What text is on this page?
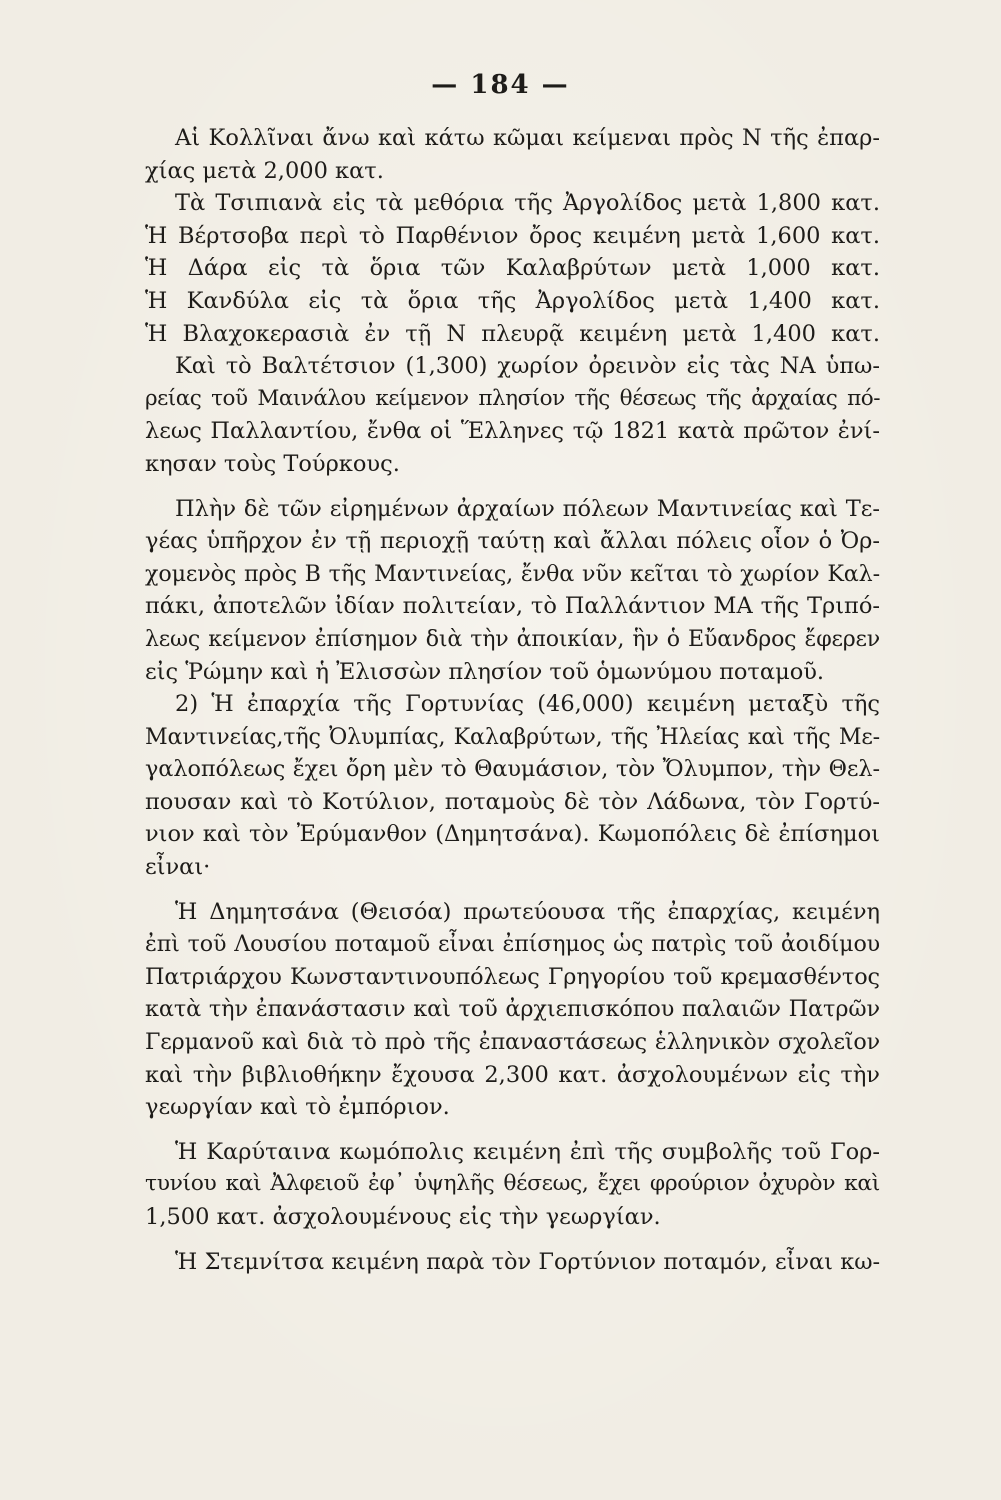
— 184 —
Αἱ Κολλῖναι ἄνω καὶ κάτω κῶμαι κείμεναι πρὸς Ν τῆς ἐπαρ-
χίας μετὰ 2,000 κατ.
Τὰ Τσιπιανὰ εἰς τὰ μεθόρια τῆς Ἀργολίδος μετὰ 1,800 κατ.
Ἡ Βέρτσοβα περὶ τὸ Παρθένιον ὄρος κειμένη μετὰ 1,600 κατ.
Ἡ Δάρα εἰς τὰ ὅρια τῶν Καλαβρύτων μετὰ 1,000 κατ.
Ἡ Κανδύλα εἰς τὰ ὅρια τῆς Ἀργολίδος μετὰ 1,400 κατ.
Ἡ Βλαχοκερασιὰ ἐν τῇ Ν πλευρᾷ κειμένη μετὰ 1,400 κατ.
Καὶ τὸ Βαλτέτσιον (1,300) χωρίον ὀρεινὸν εἰς τὰς ΝΑ ὑπω-
ρείας τοῦ Μαινάλου κείμενον πλησίον τῆς θέσεως τῆς ἀρχαίας πό-
λεως Παλλαντίου, ἔνθα οἱ Ἕλληνες τῷ 1821 κατὰ πρῶτον ἐνί-
κησαν τοὺς Τούρκους.
Πλὴν δὲ τῶν εἰρημένων ἀρχαίων πόλεων Μαντινείας καὶ Τε-
γέας ὑπῆρχον ἐν τῇ περιοχῇ ταύτῃ καὶ ἄλλαι πόλεις οἷον ὁ Ὀρ-
χομενὸς πρὸς Β τῆς Μαντινείας, ἔνθα νῦν κεῖται τὸ χωρίον Καλ-
πάκι, ἀποτελῶν ἰδίαν πολιτείαν, τὸ Παλλάντιον ΜΑ τῆς Τριπό-
λεως κείμενον ἐπίσημον διὰ τὴν ἀποικίαν, ἣν ὁ Εὔανδρος ἔφερεν
εἰς Ῥώμην καὶ ἡ Ἐλισσὼν πλησίον τοῦ ὁμωνύμου ποταμοῦ.
2) Ἡ ἐπαρχία τῆς Γορτυνίας (46,000) κειμένη μεταξὺ τῆς
Μαντινείας,τῆς Ὀλυμπίας, Καλαβρύτων, τῆς Ἠλείας καὶ τῆς Με-
γαλοπόλεως ἔχει ὄρη μὲν τὸ Θαυμάσιον, τὸν Ὄλυμπον, τὴν Θελ-
πουσαν καὶ τὸ Κοτύλιον, ποταμοὺς δὲ τὸν Λάδωνα, τὸν Γορτύ-
νιον καὶ τὸν Ἐρύμανθον (Δημητσάνα). Κωμοπόλεις δὲ ἐπίσημοι
εἶναι·
Ἡ Δημητσάνα (Θεισόα) πρωτεύουσα τῆς ἐπαρχίας, κειμένη
ἐπὶ τοῦ Λουσίου ποταμοῦ εἶναι ἐπίσημος ὡς πατρὶς τοῦ ἀοιδίμου
Πατριάρχου Κωνσταντινουπόλεως Γρηγορίου τοῦ κρεμασθέντος
κατὰ τὴν ἐπανάστασιν καὶ τοῦ ἀρχιεπισκόπου παλαιῶν Πατρῶν
Γερμανοῦ καὶ διὰ τὸ πρὸ τῆς ἐπαναστάσεως ἑλληνικὸν σχολεῖον
καὶ τὴν βιβλιοθήκην ἔχουσα 2,300 κατ. ἀσχολουμένων εἰς τὴν
γεωργίαν καὶ τὸ ἐμπόριον.
Ἡ Καρύταινα κωμόπολις κειμένη ἐπὶ τῆς συμβολῆς τοῦ Γορ-
τυνίου καὶ Ἀλφειοῦ ἐφ᾽ ὑψηλῆς θέσεως, ἔχει φρούριον ὀχυρὸν καὶ
1,500 κατ. ἀσχολουμένους εἰς τὴν γεωργίαν.
Ἡ Στεμνίτσα κειμένη παρὰ τὸν Γορτύνιον ποταμόν, εἶναι κω-
